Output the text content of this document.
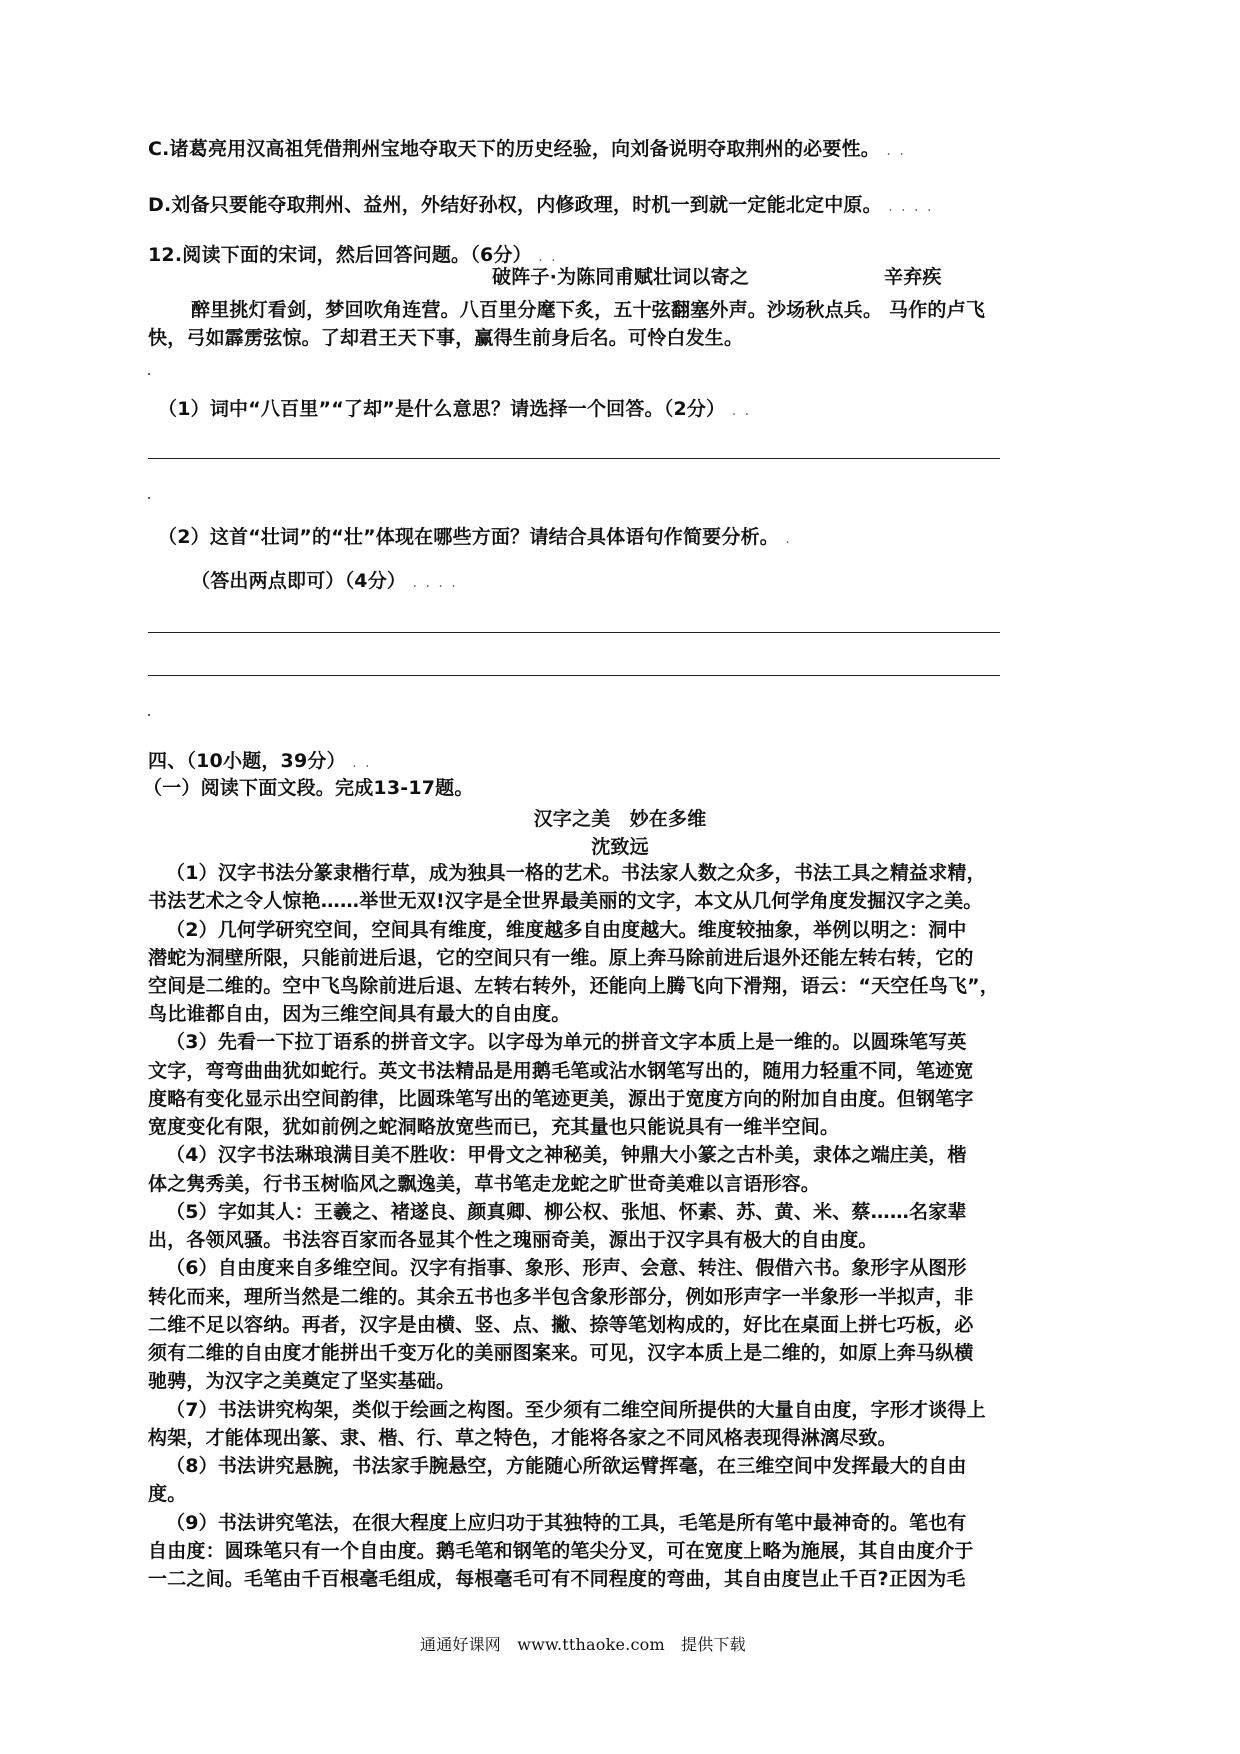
C.诸葛亮用汉高祖凭借荆州宝地夺取天下的历史经验，向刘备说明夺取荆州的必要性。 . .

D.刘备只要能夺取荆州、益州，外结好孙权，内修政理，时机一到就一定能北定中原。 . . . .

12.阅读下面的宋词，然后回答问题。（6分） . .

破阵子·为陈同甫赋壮词以寄之	辛弃疾

醉里挑灯看剑，梦回吹角连营。八百里分麾下炙，五十弦翻塞外声。沙场秋点兵。 马作的卢飞

快，弓如霹雳弦惊。了却君王天下事，赢得生前身后名。可怜白发生。

（1）词中“八百里”“了却”是什么意思？请选择一个回答。（2分） . .

（2）这首“壮词”的“壮”体现在哪些方面？请结合具体语句作简要分析。 .

（答出两点即可）（4分） . . . .

四、（10小题，39分） . .

（一）阅读下面文段。完成13-17题。

汉字之美　妙在多维

沈致远

（1）汉字书法分篆隶楷行草，成为独具一格的艺术。书法家人数之众多，书法工具之精益求精，

书法艺术之令人惊艳……举世无双!汉字是全世界最美丽的文字，本文从几何学角度发掘汉字之美。

（2）几何学研究空间，空间具有维度，维度越多自由度越大。维度较抽象，举例以明之：洞中

潜蛇为洞壁所限，只能前进后退，它的空间只有一维。原上奔马除前进后退外还能左转右转，它的

空间是二维的。空中飞鸟除前进后退、左转右转外，还能向上腾飞向下滑翔，语云：“天空任鸟飞”，

鸟比谁都自由，因为三维空间具有最大的自由度。

（3）先看一下拉丁语系的拼音文字。以字母为单元的拼音文字本质上是一维的。以圆珠笔写英

文字，弯弯曲曲犹如蛇行。英文书法精品是用鹅毛笔或沾水钢笔写出的，随用力轻重不同，笔迹宽

度略有变化显示出空间韵律，比圆珠笔写出的笔迹更美，源出于宽度方向的附加自由度。但钢笔字

宽度变化有限，犹如前例之蛇洞略放宽些而已，充其量也只能说具有一维半空间。

（4）汉字书法琳琅满目美不胜收：甲骨文之神秘美，钟鼎大小篆之古朴美，隶体之端庄美，楷

体之隽秀美，行书玉树临风之飘逸美，草书笔走龙蛇之旷世奇美难以言语形容。

（5）字如其人：王羲之、褚遂良、颜真卿、柳公权、张旭、怀素、苏、黄、米、蔡……名家辈

出，各领风骚。书法容百家而各显其个性之瑰丽奇美，源出于汉字具有极大的自由度。

（6）自由度来自多维空间。汉字有指事、象形、形声、会意、转注、假借六书。象形字从图形

转化而来，理所当然是二维的。其余五书也多半包含象形部分，例如形声字一半象形一半拟声，非

二维不足以容纳。再者，汉字是由横、竖、点、撇、捺等笔划构成的，好比在桌面上拼七巧板，必

须有二维的自由度才能拼出千变万化的美丽图案来。可见，汉字本质上是二维的，如原上奔马纵横

驰骋，为汉字之美奠定了坚实基础。

（7）书法讲究构架，类似于绘画之构图。至少须有二维空间所提供的大量自由度，字形才谈得上

构架，才能体现出篆、隶、楷、行、草之特色，才能将各家之不同风格表现得淋漓尽致。

（8）书法讲究悬腕，书法家手腕悬空，方能随心所欲运臂挥毫，在三维空间中发挥最大的自由

度。

（9）书法讲究笔法，在很大程度上应归功于其独特的工具，毛笔是所有笔中最神奇的。笔也有

自由度：圆珠笔只有一个自由度。鹅毛笔和钢笔的笔尖分叉，可在宽度上略为施展，其自由度介于

一二之间。毛笔由千百根毫毛组成，每根毫毛可有不同程度的弯曲，其自由度岂止千百?正因为毛

通通好课网　www.tthaoke.com　提供下载
